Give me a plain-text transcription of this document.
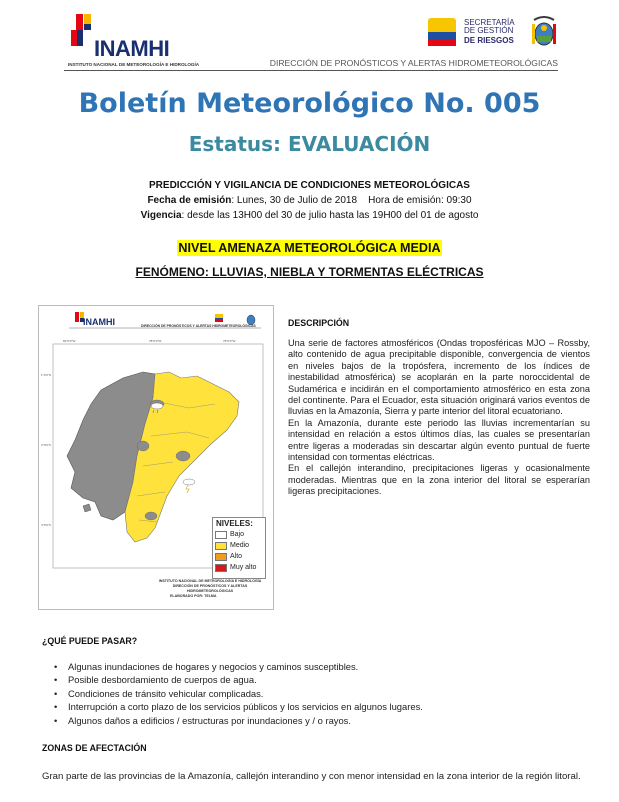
INAMHI
INSTITUTO NACIONAL DE METEOROLOGÍA E HIDROLOGÍA
SECRETARÍA
DE GESTIÓN
DE RIESGOS
DIRECCIÓN DE PRONÓSTICOS Y ALERTAS HIDROMETEOROLÓGICAS
Boletín Meteorológico No. 005
Estatus: EVALUACIÓN
PREDICCIÓN Y VIGILANCIA DE CONDICIONES METEOROLÓGICAS
Fecha de emisión: Lunes, 30 de Julio de 2018    Hora de emisión: 09:30
Vigencia: desde las 13H00 del 30 de julio hasta las 19H00 del 01 de agosto
NIVEL AMENAZA METEOROLÓGICA MEDIA
FENÓMENO: LLUVIAS, NIEBLA Y TORMENTAS ELÉCTRICAS
INAMHI
82°0'0"W	78°0'0"W	75°0'0"W
1°0'0"N
2°0'0"S
4°0'0"S
DIRECCIÓN DE PRONÓSTICOS Y ALERTAS HIDROMETEOROLÓGICAS
NIVELES:
Bajo
Medio
Alto
Muy alto
INSTITUTO NACIONAL DE METEOROLOGÍA E HIDROLOGÍA
DIRECCIÓN DE PRONÓSTICOS Y ALERTAS HIDROMETEOROLÓGICAS
ELABORADO POR: TELMA
DESCRIPCIÓN

Una serie de factores atmosféricos (Ondas troposféricas MJO – Rossby, alto contenido de agua precipitable disponible, convergencia de vientos en niveles bajos de la tropósfera, incremento de los índices de inestabilidad atmosférica) se acoplarán en la parte noroccidental de Sudamérica e incidirán en el comportamiento atmosférico en esta zona del continente. Para el Ecuador, esta situación originará varios eventos de lluvias en la Amazonía, Sierra y parte interior del litoral ecuatoriano.

En la Amazonía, durante este periodo las lluvias incrementarían su intensidad en relación a estos últimos días, las cuales se presentarían entre ligeras a moderadas sin descartar algún evento puntual de fuerte intensidad con tormentas eléctricas.

En el callejón interandino, precipitaciones ligeras y ocasionalmente moderadas. Mientras que en la zona interior del litoral se esperarían ligeras precipitaciones.

¿QUÉ PUEDE PASAR?
• Algunas inundaciones de hogares y negocios y caminos susceptibles.
• Posible desbordamiento de cuerpos de agua.
• Condiciones de tránsito vehicular complicadas.
• Interrupción a corto plazo de los servicios públicos y los servicios en algunos lugares.
• Algunos daños a edificios / estructuras por inundaciones y / o rayos.
ZONAS DE AFECTACIÓN
Gran parte de las provincias de la Amazonía, callejón interandino y con menor intensidad en la zona interior de la región litoral.
